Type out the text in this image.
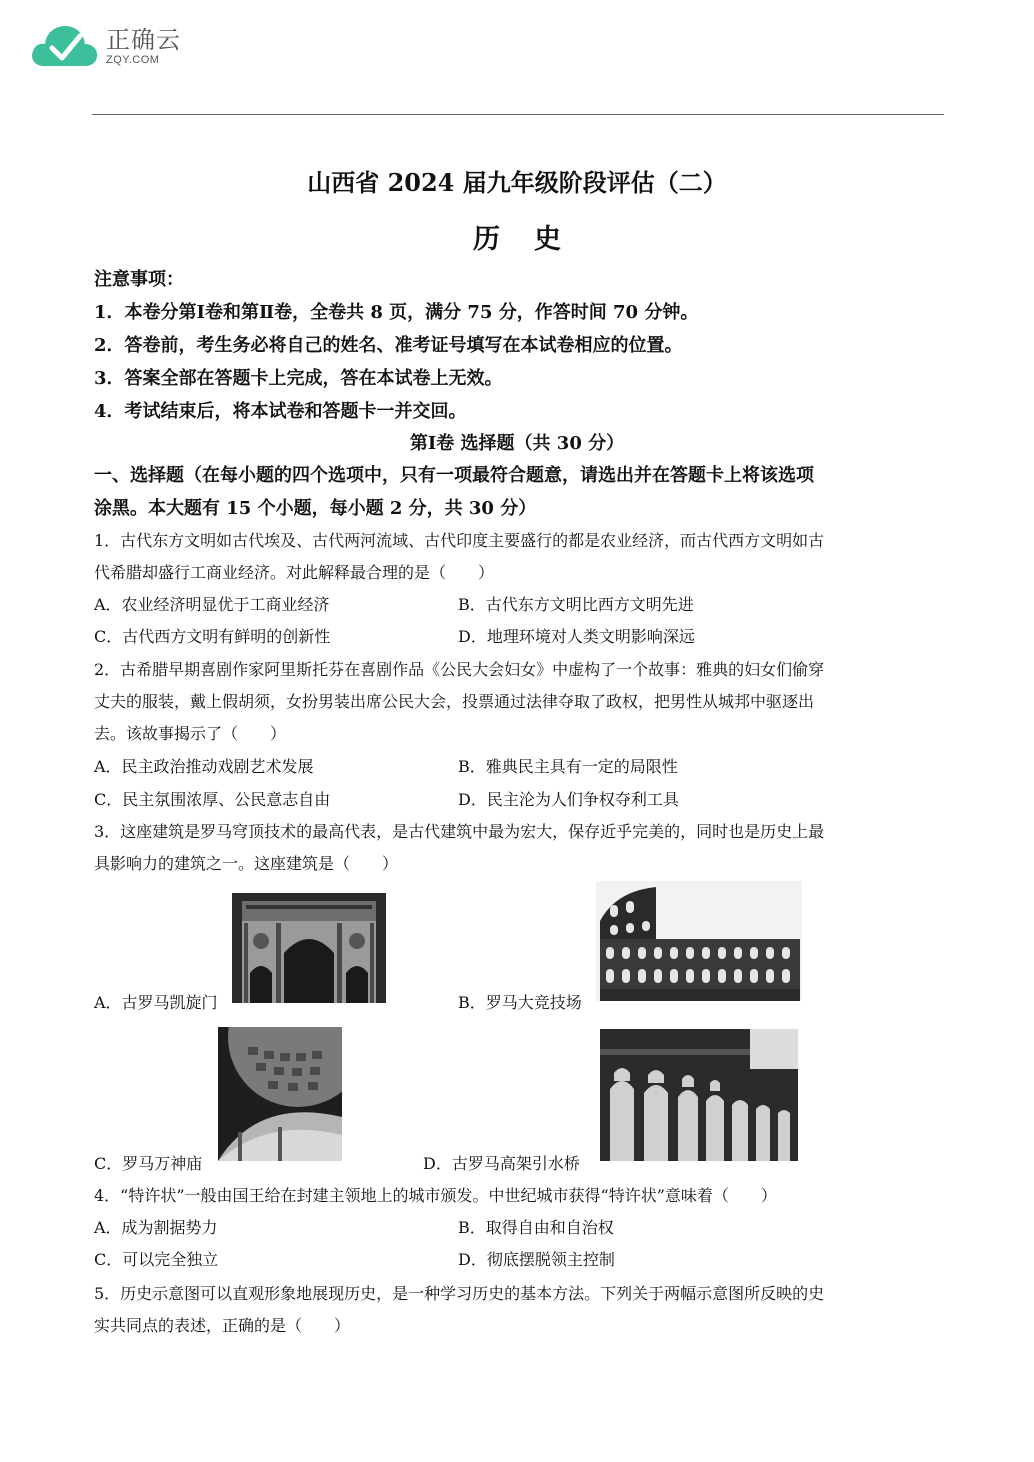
正确云
ZQY.COM
山西省 2024 届九年级阶段评估（二）
历史
注意事项：
1．本卷分第Ⅰ卷和第Ⅱ卷，全卷共 8 页，满分 75 分，作答时间 70 分钟。
2．答卷前，考生务必将自己的姓名、准考证号填写在本试卷相应的位置。
3．答案全部在答题卡上完成，答在本试卷上无效。
4．考试结束后，将本试卷和答题卡一并交回。
第Ⅰ卷 选择题（共 30 分）
一、选择题（在每小题的四个选项中，只有一项最符合题意，请选出并在答题卡上将该选项
涂黑。本大题有 15 个小题，每小题 2 分，共 30 分）
1．古代东方文明如古代埃及、古代两河流域、古代印度主要盛行的都是农业经济，而古代西方文明如古
代希腊却盛行工商业经济。对此解释最合理的是（　　）
A．农业经济明显优于工商业经济	B．古代东方文明比西方文明先进
C．古代西方文明有鲜明的创新性	D．地理环境对人类文明影响深远
2．古希腊早期喜剧作家阿里斯托芬在喜剧作品《公民大会妇女》中虚构了一个故事：雅典的妇女们偷穿
丈夫的服装，戴上假胡须，女扮男装出席公民大会，投票通过法律夺取了政权，把男性从城邦中驱逐出
去。该故事揭示了（　　）
A．民主政治推动戏剧艺术发展	B．雅典民主具有一定的局限性
C．民主氛围浓厚、公民意志自由	D．民主沦为人们争权夺利工具
3．这座建筑是罗马穹顶技术的最高代表，是古代建筑中最为宏大，保存近乎完美的，同时也是历史上最
具影响力的建筑之一。这座建筑是（　　）
A．古罗马凯旋门	B．罗马大竞技场
C．罗马万神庙	D．古罗马高架引水桥
4．“特许状”一般由国王给在封建主领地上的城市颁发。中世纪城市获得“特许状”意味着（　　）
A．成为割据势力	B．取得自由和自治权
C．可以完全独立	D．彻底摆脱领主控制
5．历史示意图可以直观形象地展现历史，是一种学习历史的基本方法。下列关于两幅示意图所反映的史
实共同点的表述，正确的是（　　）
